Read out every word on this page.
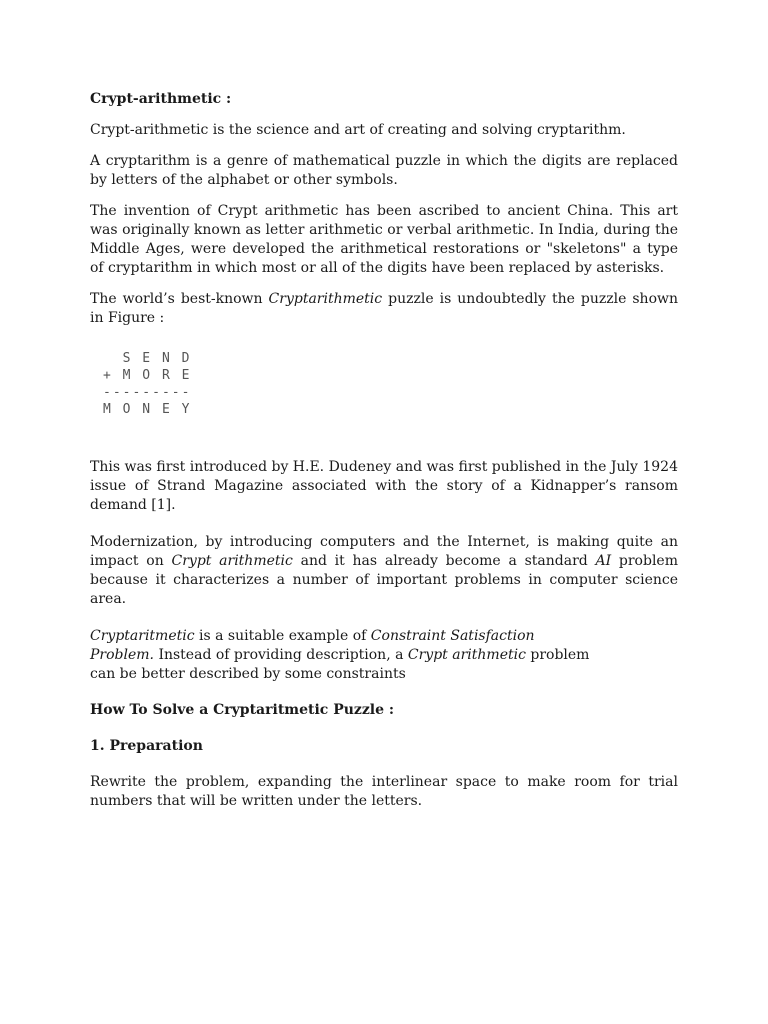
Crypt-arithmetic :

Crypt-arithmetic is the science and art of creating and solving cryptarithm.

A cryptarithm is a genre of mathematical puzzle in which the digits are replaced by letters of the alphabet or other symbols.

The invention of Crypt arithmetic has been ascribed to ancient China. This art was originally known as letter arithmetic or verbal arithmetic. In India, during the Middle Ages, were developed the arithmetical restorations or "skeletons" a type of cryptarithm in which most or all of the digits have been replaced by asterisks.

The world’s best-known Cryptarithmetic puzzle is undoubtedly the puzzle shown in Figure :

S E N D
+ M O R E
---------
M O N E Y

This was first introduced by H.E. Dudeney and was first published in the July 1924 issue of Strand Magazine associated with the story of a Kidnapper’s ransom demand [1].

Modernization, by introducing computers and the Internet, is making quite an impact on Crypt arithmetic and it has already become a standard AI problem because it characterizes a number of important problems in computer science area.

Cryptaritmetic is a suitable example of Constraint Satisfaction
Problem. Instead of providing description, a Crypt arithmetic problem
can be better described by some constraints

How To Solve a Cryptaritmetic Puzzle :

1. Preparation

Rewrite the problem, expanding the interlinear space to make room for trial numbers that will be written under the letters.
